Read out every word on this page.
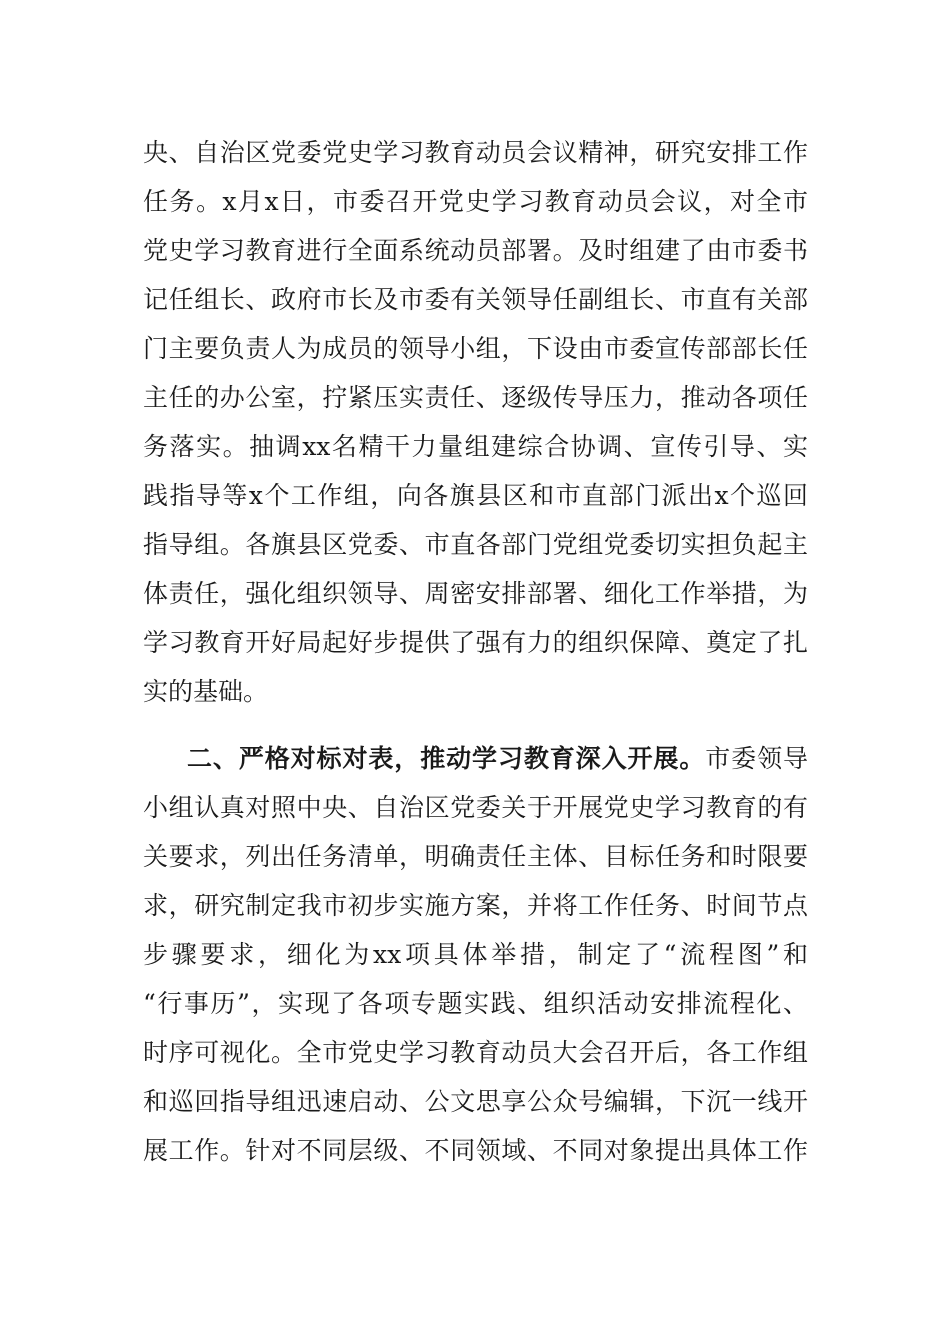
央、自治区党委党史学习教育动员会议精神，研究安排工作
任务。x月x日，市委召开党史学习教育动员会议，对全市
党史学习教育进行全面系统动员部署。及时组建了由市委书
记任组长、政府市长及市委有关领导任副组长、市直有关部
门主要负责人为成员的领导小组，下设由市委宣传部部长任
主任的办公室，拧紧压实责任、逐级传导压力，推动各项任
务落实。抽调xx名精干力量组建综合协调、宣传引导、实
践指导等x个工作组，向各旗县区和市直部门派出x个巡回
指导组。各旗县区党委、市直各部门党组党委切实担负起主
体责任，强化组织领导、周密安排部署、细化工作举措，为
学习教育开好局起好步提供了强有力的组织保障、奠定了扎
实的基础。
二、严格对标对表，推动学习教育深入开展。市委领导
小组认真对照中央、自治区党委关于开展党史学习教育的有
关要求，列出任务清单，明确责任主体、目标任务和时限要
求，研究制定我市初步实施方案，并将工作任务、时间节点
步骤要求，细化为xx项具体举措，制定了“流程图”和
“行事历”，实现了各项专题实践、组织活动安排流程化、
时序可视化。全市党史学习教育动员大会召开后，各工作组
和巡回指导组迅速启动、公文思享公众号编辑，下沉一线开
展工作。针对不同层级、不同领域、不同对象提出具体工作
